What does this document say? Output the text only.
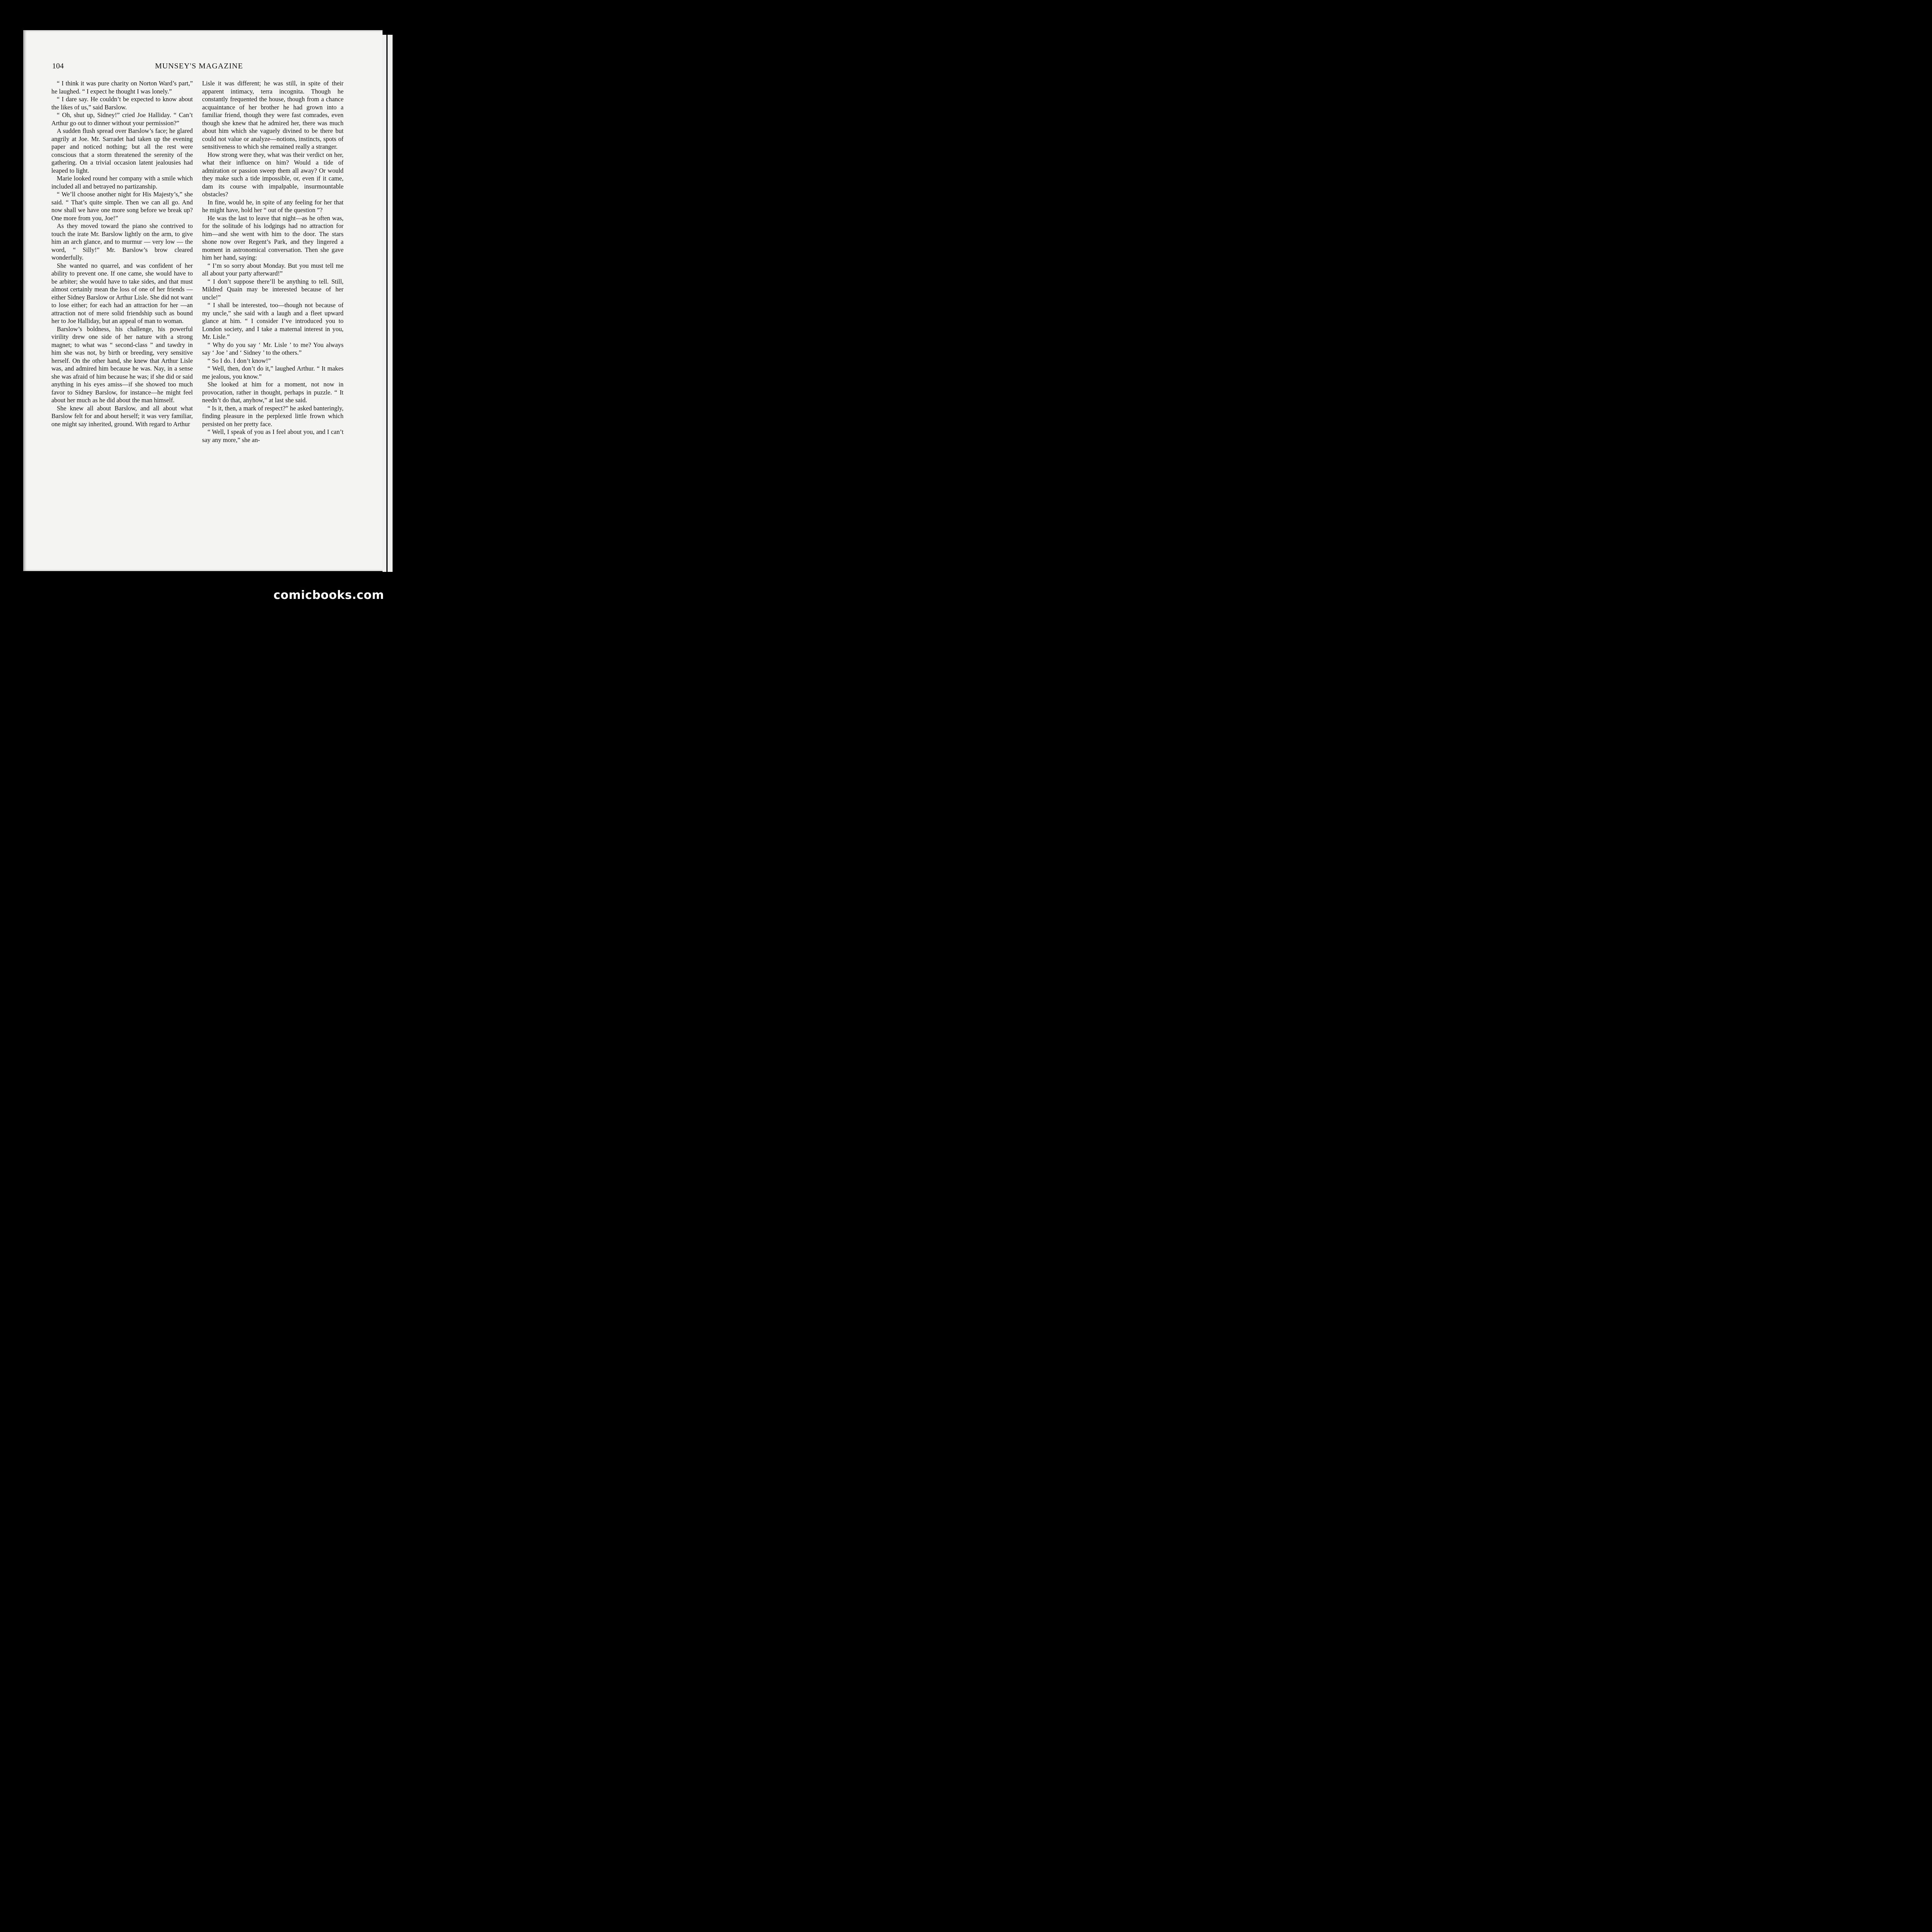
104	MUNSEY'S MAGAZINE

“ I think it was pure charity on Norton Ward’s part,” he laughed. “ I expect he thought I was lonely.”

“ I dare say. He couldn’t be expected to know about the likes of us,” said Barslow.

“ Oh, shut up, Sidney!” cried Joe Halliday. “ Can’t Arthur go out to dinner without your permission?”

A sudden flush spread over Barslow’s face; he glared angrily at Joe. Mr. Sarradet had taken up the evening paper and noticed nothing; but all the rest were conscious that a storm threatened the serenity of the gathering. On a trivial occasion latent jealousies had leaped to light.

Marie looked round her company with a smile which included all and betrayed no partizanship.

“ We’ll choose another night for His Majesty’s,” she said. “ That’s quite simple. Then we can all go. And now shall we have one more song before we break up? One more from you, Joe!”

As they moved toward the piano she contrived to touch the irate Mr. Barslow lightly on the arm, to give him an arch glance, and to murmur — very low — the word, “ Silly!” Mr. Barslow’s brow cleared wonderfully.

She wanted no quarrel, and was confident of her ability to prevent one. If one came, she would have to be arbiter; she would have to take sides, and that must almost certainly mean the loss of one of her friends — either Sidney Barslow or Arthur Lisle. She did not want to lose either; for each had an attraction for her —an attraction not of mere solid friendship such as bound her to Joe Halliday, but an appeal of man to woman.

Barslow’s boldness, his challenge, his powerful virility drew one side of her nature with a strong magnet; to what was “ second-class ” and tawdry in him she was not, by birth or breeding, very sensitive herself. On the other hand, she knew that Arthur Lisle was, and admired him because he was. Nay, in a sense she was afraid of him because he was; if she did or said anything in his eyes amiss—if she showed too much favor to Sidney Barslow, for instance—he might feel about her much as he did about the man himself.

She knew all about Barslow, and all about what Barslow felt for and about herself; it was very familiar, one might say inherited, ground. With regard to Arthur

Lisle it was different; he was still, in spite of their apparent intimacy, terra incognita. Though he constantly frequented the house, though from a chance acquaintance of her brother he had grown into a familiar friend, though they were fast comrades, even though she knew that he admired her, there was much about him which she vaguely divined to be there but could not value or analyze—notions, instincts, spots of sensitiveness to which she remained really a stranger.

How strong were they, what was their verdict on her, what their influence on him? Would a tide of admiration or passion sweep them all away? Or would they make such a tide impossible, or, even if it came, dam its course with impalpable, insurmountable obstacles?

In fine, would he, in spite of any feeling for her that he might have, hold her “ out of the question ”?

He was the last to leave that night—as he often was, for the solitude of his lodgings had no attraction for him—and she went with him to the door. The stars shone now over Regent’s Park, and they lingered a moment in astronomical conversation. Then she gave him her hand, saying:

“ I’m so sorry about Monday. But you must tell me all about your party afterward!”

“ I don’t suppose there’ll be anything to tell. Still, Mildred Quain may be interested because of her uncle!”

“ I shall be interested, too—though not because of my uncle,” she said with a laugh and a fleet upward glance at him. “ I consider I’ve introduced you to London society, and I take a maternal interest in you, Mr. Lisle.”

“ Why do you say ‘ Mr. Lisle ’ to me? You always say ‘ Joe ’ and ‘ Sidney ’ to the others.”

“ So I do. I don’t know!”

“ Well, then, don’t do it,” laughed Arthur. “ It makes me jealous, you know.”

She looked at him for a moment, not now in provocation, rather in thought, perhaps in puzzle. “ It needn’t do that, anyhow,” at last she said.

“ Is it, then, a mark of respect?” he asked banteringly, finding pleasure in the perplexed little frown which persisted on her pretty face.

“ Well, I speak of you as I feel about you, and I can’t say any more,” she an-

comicbooks.com
